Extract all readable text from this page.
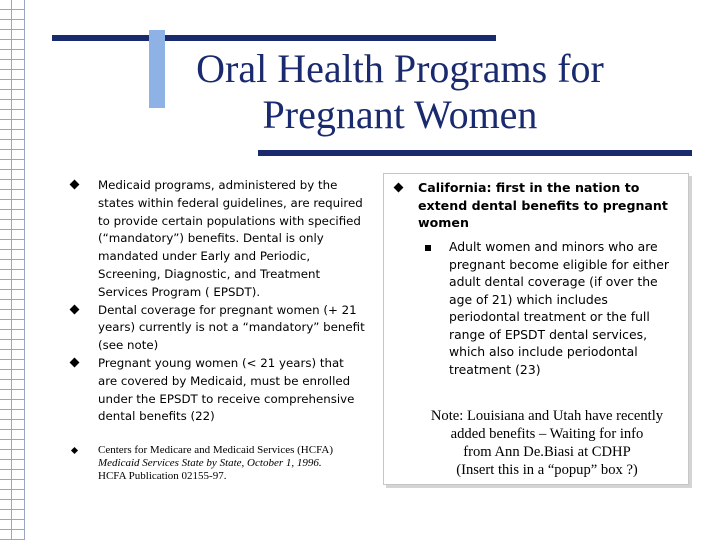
Oral Health Programs for
Pregnant Women

Medicaid programs, administered by the states within federal guidelines, are required to provide certain populations with specified (“mandatory”) benefits. Dental is only mandated under Early and Periodic, Screening, Diagnostic, and Treatment Services Program ( EPSDT).

Dental coverage for pregnant women (+ 21 years) currently is not a “mandatory” benefit (see note)

Pregnant young women (< 21 years) that are covered by Medicaid, must be enrolled under the EPSDT to receive comprehensive dental benefits (22)

Centers for Medicare and Medicaid Services (HCFA)
Medicaid Services State by State, October 1, 1996.
HCFA Publication 02155-97.

California: first in the nation to extend dental benefits to pregnant women

Adult women and minors who are pregnant become eligible for either adult dental coverage (if over the age of 21) which includes periodontal treatment or the full range of EPSDT dental services, which also include periodontal treatment (23)

Note: Louisiana and Utah have recently
added benefits – Waiting for info
from Ann De.Biasi at CDHP
(Insert this in a “popup” box ?)
